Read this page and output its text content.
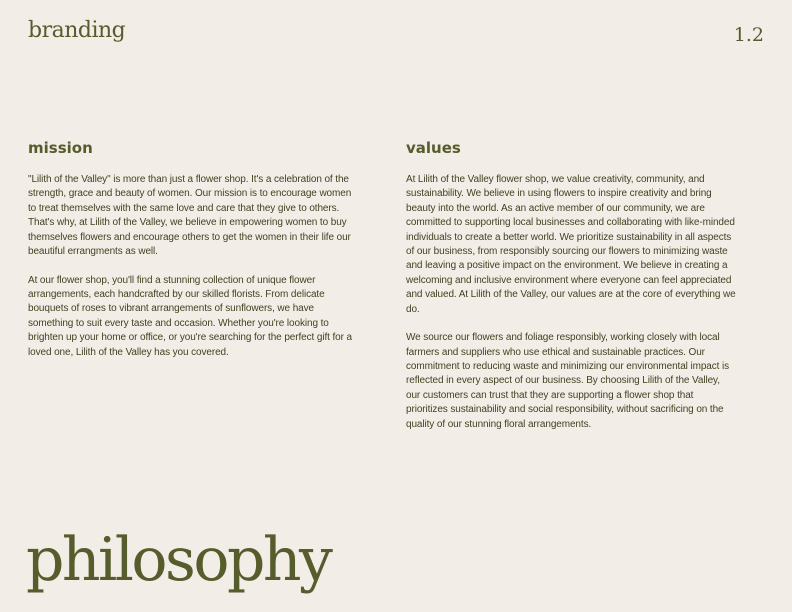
branding	1.2
mission

"Lilith of the Valley" is more than just a flower shop. It's a celebration of the strength, grace and beauty of women. Our mission is to encourage women to treat themselves with the same love and care that they give to others. That's why, at Lilith of the Valley, we believe in empowering women to buy themselves flowers and encourage others to get the women in their life our beautiful errangments as well.

At our flower shop, you'll find a stunning collection of unique flower arrangements, each handcrafted by our skilled florists. From delicate bouquets of roses to vibrant arrangements of sunflowers, we have something to suit every taste and occasion. Whether you're looking to brighten up your home or office, or you're searching for the perfect gift for a loved one, Lilith of the Valley has you covered.

values

At Lilith of the Valley flower shop, we value creativity, community, and sustainability. We believe in using flowers to inspire creativity and bring beauty into the world. As an active member of our community, we are committed to supporting local businesses and collaborating with like-minded individuals to create a better world. We prioritize sustainability in all aspects of our business, from responsibly sourcing our flowers to minimizing waste and leaving a positive impact on the environment. We believe in creating a welcoming and inclusive environment where everyone can feel appreciated and valued. At Lilith of the Valley, our values are at the core of everything we do.

We source our flowers and foliage responsibly, working closely with local farmers and suppliers who use ethical and sustainable practices. Our commitment to reducing waste and minimizing our environmental impact is reflected in every aspect of our business. By choosing Lilith of the Valley, our customers can trust that they are supporting a flower shop that prioritizes sustainability and social responsibility, without sacrificing on the quality of our stunning floral arrangements.

philosophy
